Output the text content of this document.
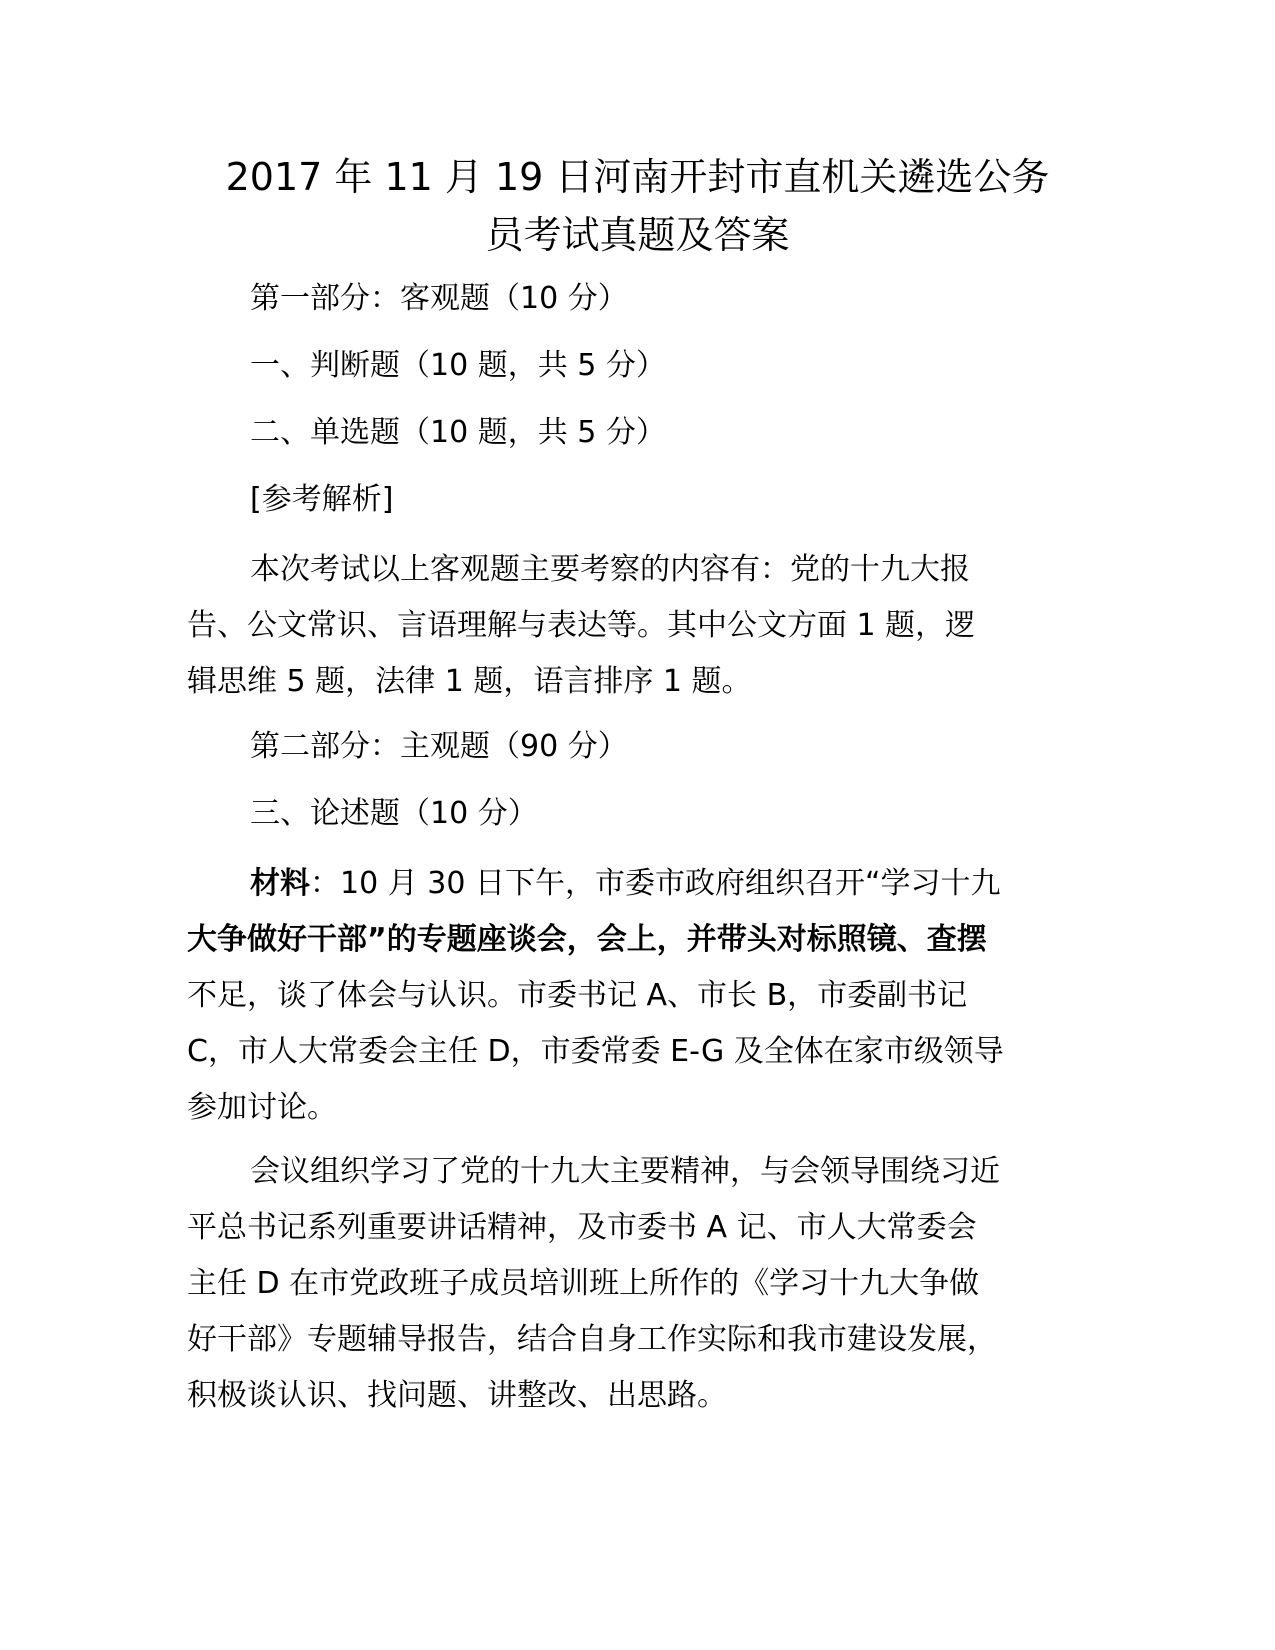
2017 年 11 月 19 日河南开封市直机关遴选公务
员考试真题及答案
第一部分：客观题（10 分）
一、判断题（10 题，共 5 分）
二、单选题（10 题，共 5 分）
[参考解析]
本次考试以上客观题主要考察的内容有：党的十九大报
告、公文常识、言语理解与表达等。其中公文方面 1 题，逻
辑思维 5 题，法律 1 题，语言排序 1 题。
第二部分：主观题（90 分）
三、论述题（10 分）
材料：10 月 30 日下午，市委市政府组织召开“学习十九
大争做好干部”的专题座谈会，会上，并带头对标照镜、查摆
不足，谈了体会与认识。市委书记 A、市长 B，市委副书记
C，市人大常委会主任 D，市委常委 E-G 及全体在家市级领导
参加讨论。
会议组织学习了党的十九大主要精神，与会领导围绕习近
平总书记系列重要讲话精神，及市委书 A 记、市人大常委会
主任 D 在市党政班子成员培训班上所作的《学习十九大争做
好干部》专题辅导报告，结合自身工作实际和我市建设发展，
积极谈认识、找问题、讲整改、出思路。
